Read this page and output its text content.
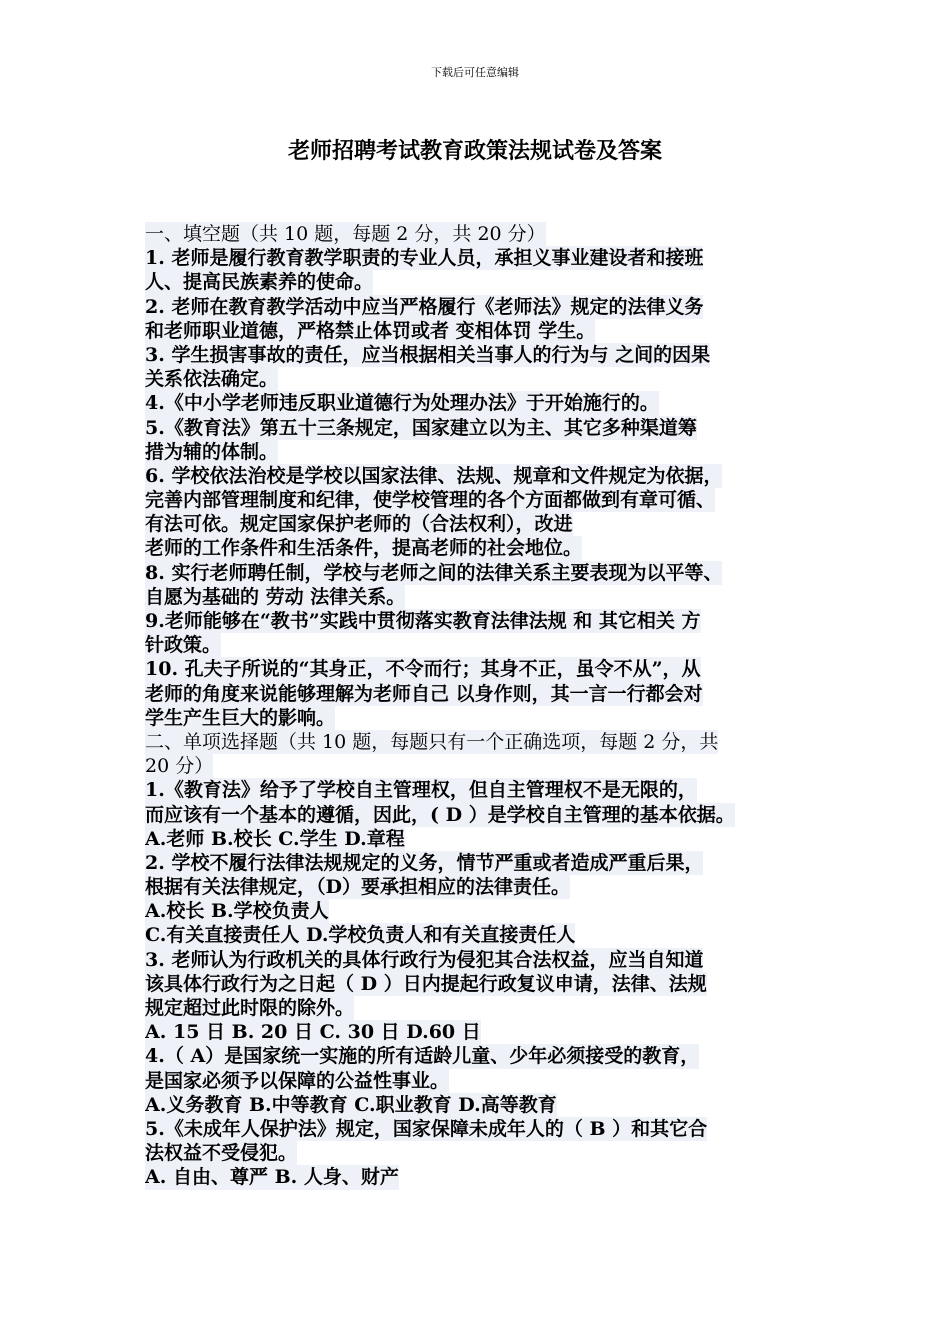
下载后可任意编辑
老师招聘考试教育政策法规试卷及答案
一、填空题（共 10 题，每题 2 分，共 20 分）
1. 老师是履行教育教学职责的专业人员，承担义事业建设者和接班
人、提高民族素养的使命。
2. 老师在教育教学活动中应当严格履行《老师法》规定的法律义务
和老师职业道德，严格禁止体罚或者 变相体罚 学生。
3. 学生损害事故的责任，应当根据相关当事人的行为与 之间的因果
关系依法确定。
4.《中小学老师违反职业道德行为处理办法》于开始施行的。
5.《教育法》第五十三条规定，国家建立以为主、其它多种渠道筹
措为辅的体制。
6. 学校依法治校是学校以国家法律、法规、规章和文件规定为依据，
完善内部管理制度和纪律，使学校管理的各个方面都做到有章可循、
有法可依。规定国家保护老师的（合法权利），改进
老师的工作条件和生活条件，提高老师的社会地位。
8. 实行老师聘任制，学校与老师之间的法律关系主要表现为以平等、
自愿为基础的 劳动 法律关系。
9.老师能够在“教书”实践中贯彻落实教育法律法规 和 其它相关 方
针政策。
10. 孔夫子所说的“其身正，不令而行；其身不正，虽令不从”，从
老师的角度来说能够理解为老师自己 以身作则，其一言一行都会对
学生产生巨大的影响。
二、单项选择题（共 10 题，每题只有一个正确选项，每题 2 分，共
20 分）
1.《教育法》给予了学校自主管理权，但自主管理权不是无限的，
而应该有一个基本的遵循，因此，( D ）是学校自主管理的基本依据。
A.老师 B.校长 C.学生 D.章程
2. 学校不履行法律法规规定的义务，情节严重或者造成严重后果，
根据有关法律规定，（D）要承担相应的法律责任。
A.校长 B.学校负责人
C.有关直接责任人 D.学校负责人和有关直接责任人
3. 老师认为行政机关的具体行政行为侵犯其合法权益，应当自知道
该具体行政行为之日起（ D ）日内提起行政复议申请，法律、法规
规定超过此时限的除外。
A. 15 日 B. 20 日 C. 30 日 D.60 日
4.（ A）是国家统一实施的所有适龄儿童、少年必须接受的教育，
是国家必须予以保障的公益性事业。
A.义务教育 B.中等教育 C.职业教育 D.高等教育
5.《未成年人保护法》规定，国家保障未成年人的（ B ）和其它合
法权益不受侵犯。
A. 自由、尊严 B. 人身、财产
